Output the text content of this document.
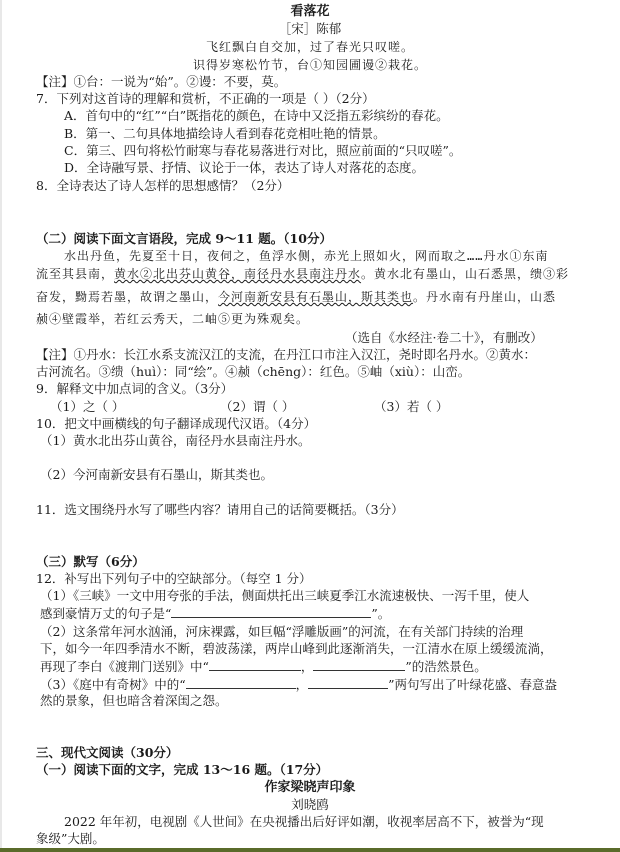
看落花
［宋］陈郁
飞红飘白自交加，过了春光只叹嗟。
识得岁寒松竹节，台①知园圃谩②栽花。
【注】①台：一说为“始”。②谩：不要，莫。
7．下列对这首诗的理解和赏析，不正确的一项是（ ）（2分）
A．首句中的“红”“白”既指花的颜色，在诗中又泛指五彩缤纷的春花。
B．第一、二句具体地描绘诗人看到春花竞相吐艳的情景。
C．第三、四句将松竹耐寒与春花易落进行对比，照应前面的“只叹嗟”。
D．全诗融写景、抒情、议论于一体，表达了诗人对落花的态度。
8．全诗表达了诗人怎样的思想感情？（2分）
（二）阅读下面文言语段，完成 9～11 题。（10分）
水出丹鱼，先夏至十日，夜伺之，鱼浮水侧，赤光上照如火，网而取之……丹水①东南
流至其县南，黄水②北出芬山黄谷，南径丹水县南注丹水。黄水北有墨山，山石悉黑，缋③彩
奋发，黝焉若墨，故谓之墨山，今河南新安县有石墨山，斯其类也。丹水南有丹崖山，山悉
赪④壁霞举，若红云秀天，二岫⑤更为殊观矣。
（选自《水经注·卷二十》，有删改）
【注】①丹水：长江水系支流汉江的支流，在丹江口市注入汉江，尧时即名丹水。②黄水：
古河流名。③缋（huì）：同“绘”。④赪（chēng）：红色。⑤岫（xiù）：山峦。
9．解释文中加点词的含义。（3分）
（1）之（ ）	（2）谓（ ）	（3）若（ ）
10．把文中画横线的句子翻译成现代汉语。（4分）
（1）黄水北出芬山黄谷，南径丹水县南注丹水。
（2）今河南新安县有石墨山，斯其类也。
11．选文围绕丹水写了哪些内容？请用自己的话简要概括。（3分）
（三）默写（6分）
12．补写出下列句子中的空缺部分。（每空 1 分）
（1）《三峡》一文中用夸张的手法，侧面烘托出三峡夏季江水流速极快、一泻千里，使人
感到豪情万丈的句子是“	”。
（2）这条常年河水汹涌，河床裸露，如巨幅“浮雕版画”的河流，在有关部门持续的治理
下，如今一年四季清水不断，碧波荡漾，两岸山峰到此逐渐消失，一江清水在原上缓缓流淌，
再现了李白《渡荆门送别》中“	，	”的浩然景色。
（3）《庭中有奇树》中的“	，	”两句写出了叶绿花盛、春意盎
然的景象，但也暗含着深闺之怨。
三、现代文阅读（30分）
（一）阅读下面的文字，完成 13～16 题。（17分）
作家梁晓声印象
刘晓鸥
2022 年年初，电视剧《人世间》在央视播出后好评如潮，收视率居高不下，被誉为“现
象级”大剧。
